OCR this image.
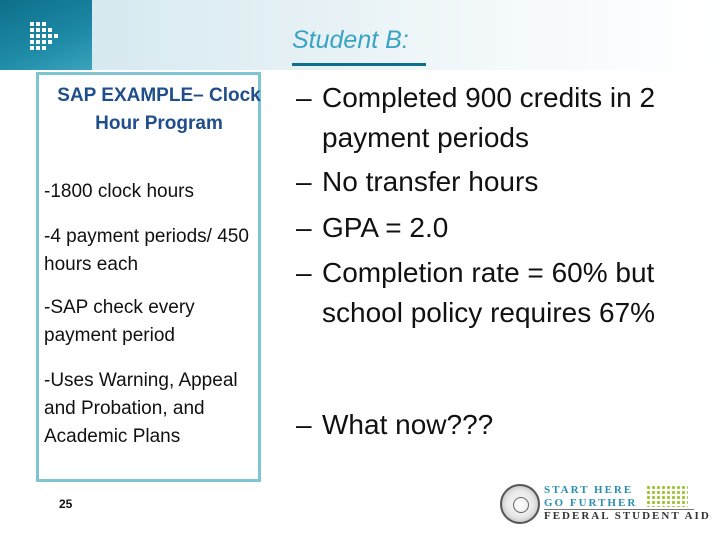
Student B:
SAP EXAMPLE– Clock Hour Program
-1800 clock hours
-4 payment periods/ 450 hours each
-SAP check every payment period
-Uses Warning, Appeal and Probation, and Academic Plans
– Completed 900 credits in 2 payment periods
– No transfer hours
– GPA = 2.0
– Completion rate = 60% but school policy requires 67%
– What now???
25
START HERE
GO FURTHER
FEDERAL STUDENT AID
